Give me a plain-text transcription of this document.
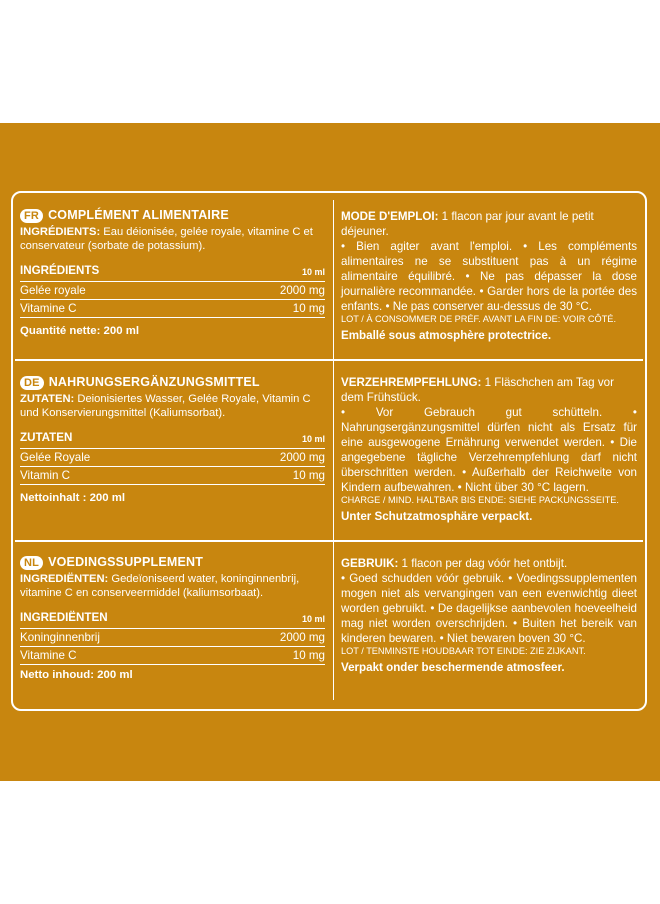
FR COMPLÉMENT ALIMENTAIRE
INGRÉDIENTS: Eau déionisée, gelée royale, vitamine C et conservateur (sorbate de potassium).
INGRÉDIENTS	10 ml
Gelée royale	2000 mg
Vitamine C	10 mg
Quantité nette: 200 ml
MODE D'EMPLOI: 1 flacon par jour avant le petit déjeuner.
• Bien agiter avant l'emploi. • Les compléments alimentaires ne se substituent pas à un régime alimentaire équilibré. • Ne pas dépasser la dose journalière recommandée. • Garder hors de la portée des enfants. • Ne pas conserver au-dessus de 30 °C.
LOT / À CONSOMMER DE PRÉF. AVANT LA FIN DE: VOIR CÔTÉ.
Emballé sous atmosphère protectrice.
DE NAHRUNGSERGÄNZUNGSMITTEL
ZUTATEN: Deionisiertes Wasser, Gelée Royale, Vitamin C und Konservierungsmittel (Kaliumsorbat).
ZUTATEN	10 ml
Gelée Royale	2000 mg
Vitamin C	10 mg
Nettoinhalt : 200 ml
VERZEHREMPFEHLUNG: 1 Fläschchen am Tag vor dem Frühstück.
• Vor Gebrauch gut schütteln. • Nahrungsergänzungsmittel dürfen nicht als Ersatz für eine ausgewogene Ernährung verwendet werden. • Die angegebene tägliche Verzehrempfehlung darf nicht überschritten werden. • Außerhalb der Reichweite von Kindern aufbewahren. • Nicht über 30 °C lagern.
CHARGE / MIND. HALTBAR BIS ENDE: SIEHE PACKUNGSSEITE.
Unter Schutzatmosphäre verpackt.
NL VOEDINGSSUPPLEMENT
INGREDIËNTEN: Gedeïoniseerd water, koninginnenbrij, vitamine C en conserveermiddel (kaliumsorbaat).
INGREDIËNTEN	10 ml
Koninginnenbrij	2000 mg
Vitamine C	10 mg
Netto inhoud: 200 ml
GEBRUIK: 1 flacon per dag vóór het ontbijt.
• Goed schudden vóór gebruik. • Voedingssupplementen mogen niet als vervangingen van een evenwichtig dieet worden gebruikt. • De dagelijkse aanbevolen hoeveelheid mag niet worden overschrijden. • Buiten het bereik van kinderen bewaren. • Niet bewaren boven 30 °C.
LOT / TENMINSTE HOUDBAAR TOT EINDE: ZIE ZIJKANT.
Verpakt onder beschermende atmosfeer.
